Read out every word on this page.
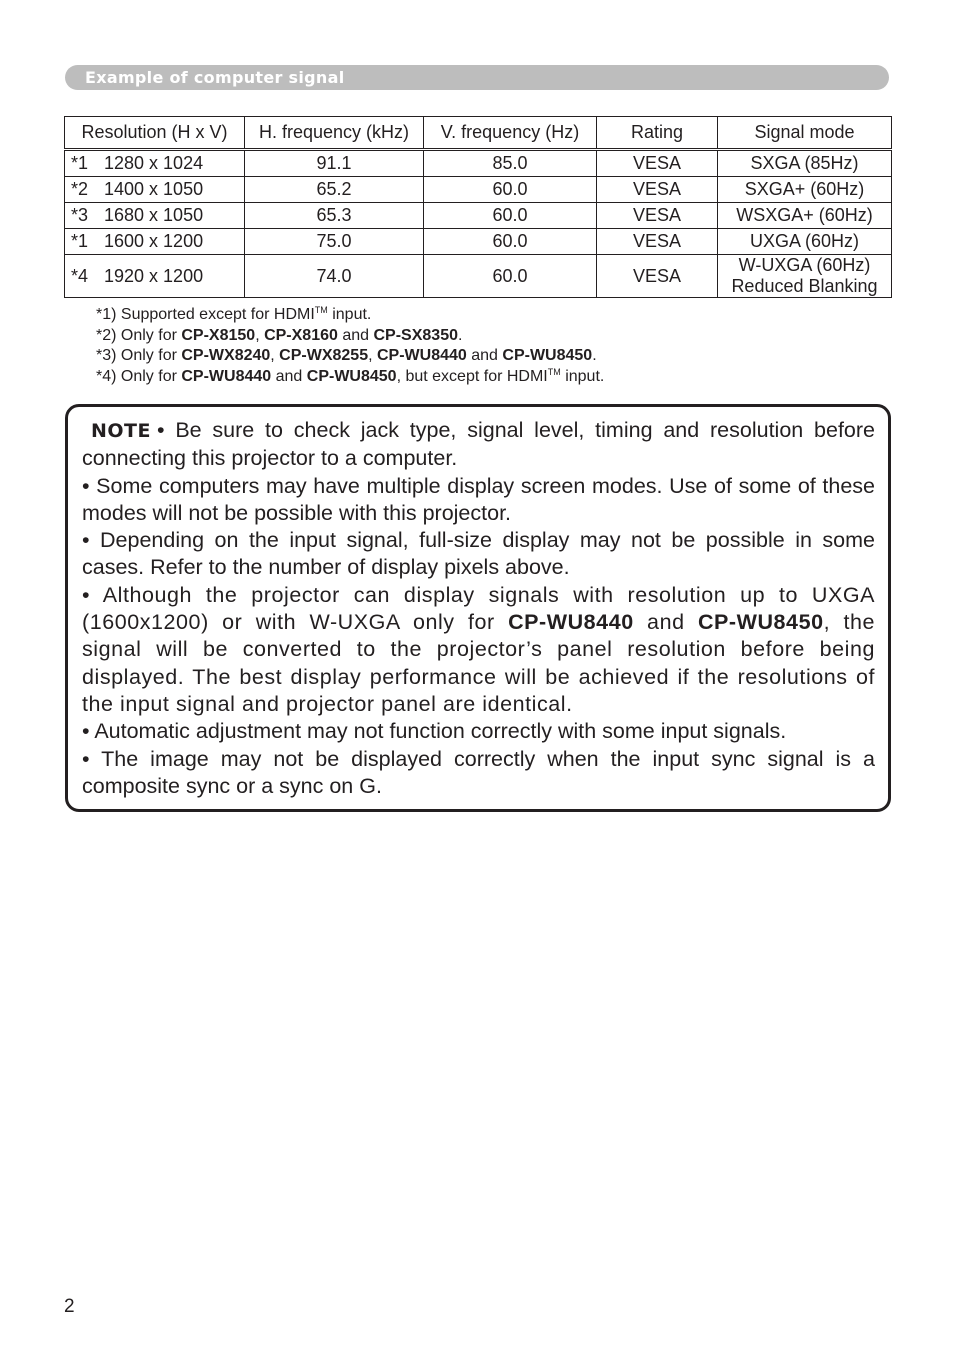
Example of computer signal
Resolution (H x V)	H. frequency (kHz)	V. frequency (Hz)	Rating	Signal mode
*1 1280 x 1024	91.1	85.0	VESA	SXGA (85Hz)
*2 1400 x 1050	65.2	60.0	VESA	SXGA+ (60Hz)
*3 1680 x 1050	65.3	60.0	VESA	WSXGA+ (60Hz)
*1 1600 x 1200	75.0	60.0	VESA	UXGA (60Hz)
*4 1920 x 1200	74.0	60.0	VESA	W-UXGA (60Hz)
Reduced Blanking
*1) Supported except for HDMI™ input.
*2) Only for CP-X8150, CP-X8160 and CP-SX8350.
*3) Only for CP-WX8240, CP-WX8255, CP-WU8440 and CP-WU8450.
*4) Only for CP-WU8440 and CP-WU8450, but except for HDMI™ input.

NOTE • Be sure to check jack type, signal level, timing and resolution before connecting this projector to a computer.

• Some computers may have multiple display screen modes. Use of some of these modes will not be possible with this projector.

• Depending on the input signal, full-size display may not be possible in some cases. Refer to the number of display pixels above.

• Although the projector can display signals with resolution up to UXGA (1600x1200) or with W-UXGA only for CP-WU8440 and CP-WU8450, the signal will be converted to the projector’s panel resolution before being displayed. The best display performance will be achieved if the resolutions of the input signal and projector panel are identical.

• Automatic adjustment may not function correctly with some input signals.

• The image may not be displayed correctly when the input sync signal is a composite sync or a sync on G.

2
